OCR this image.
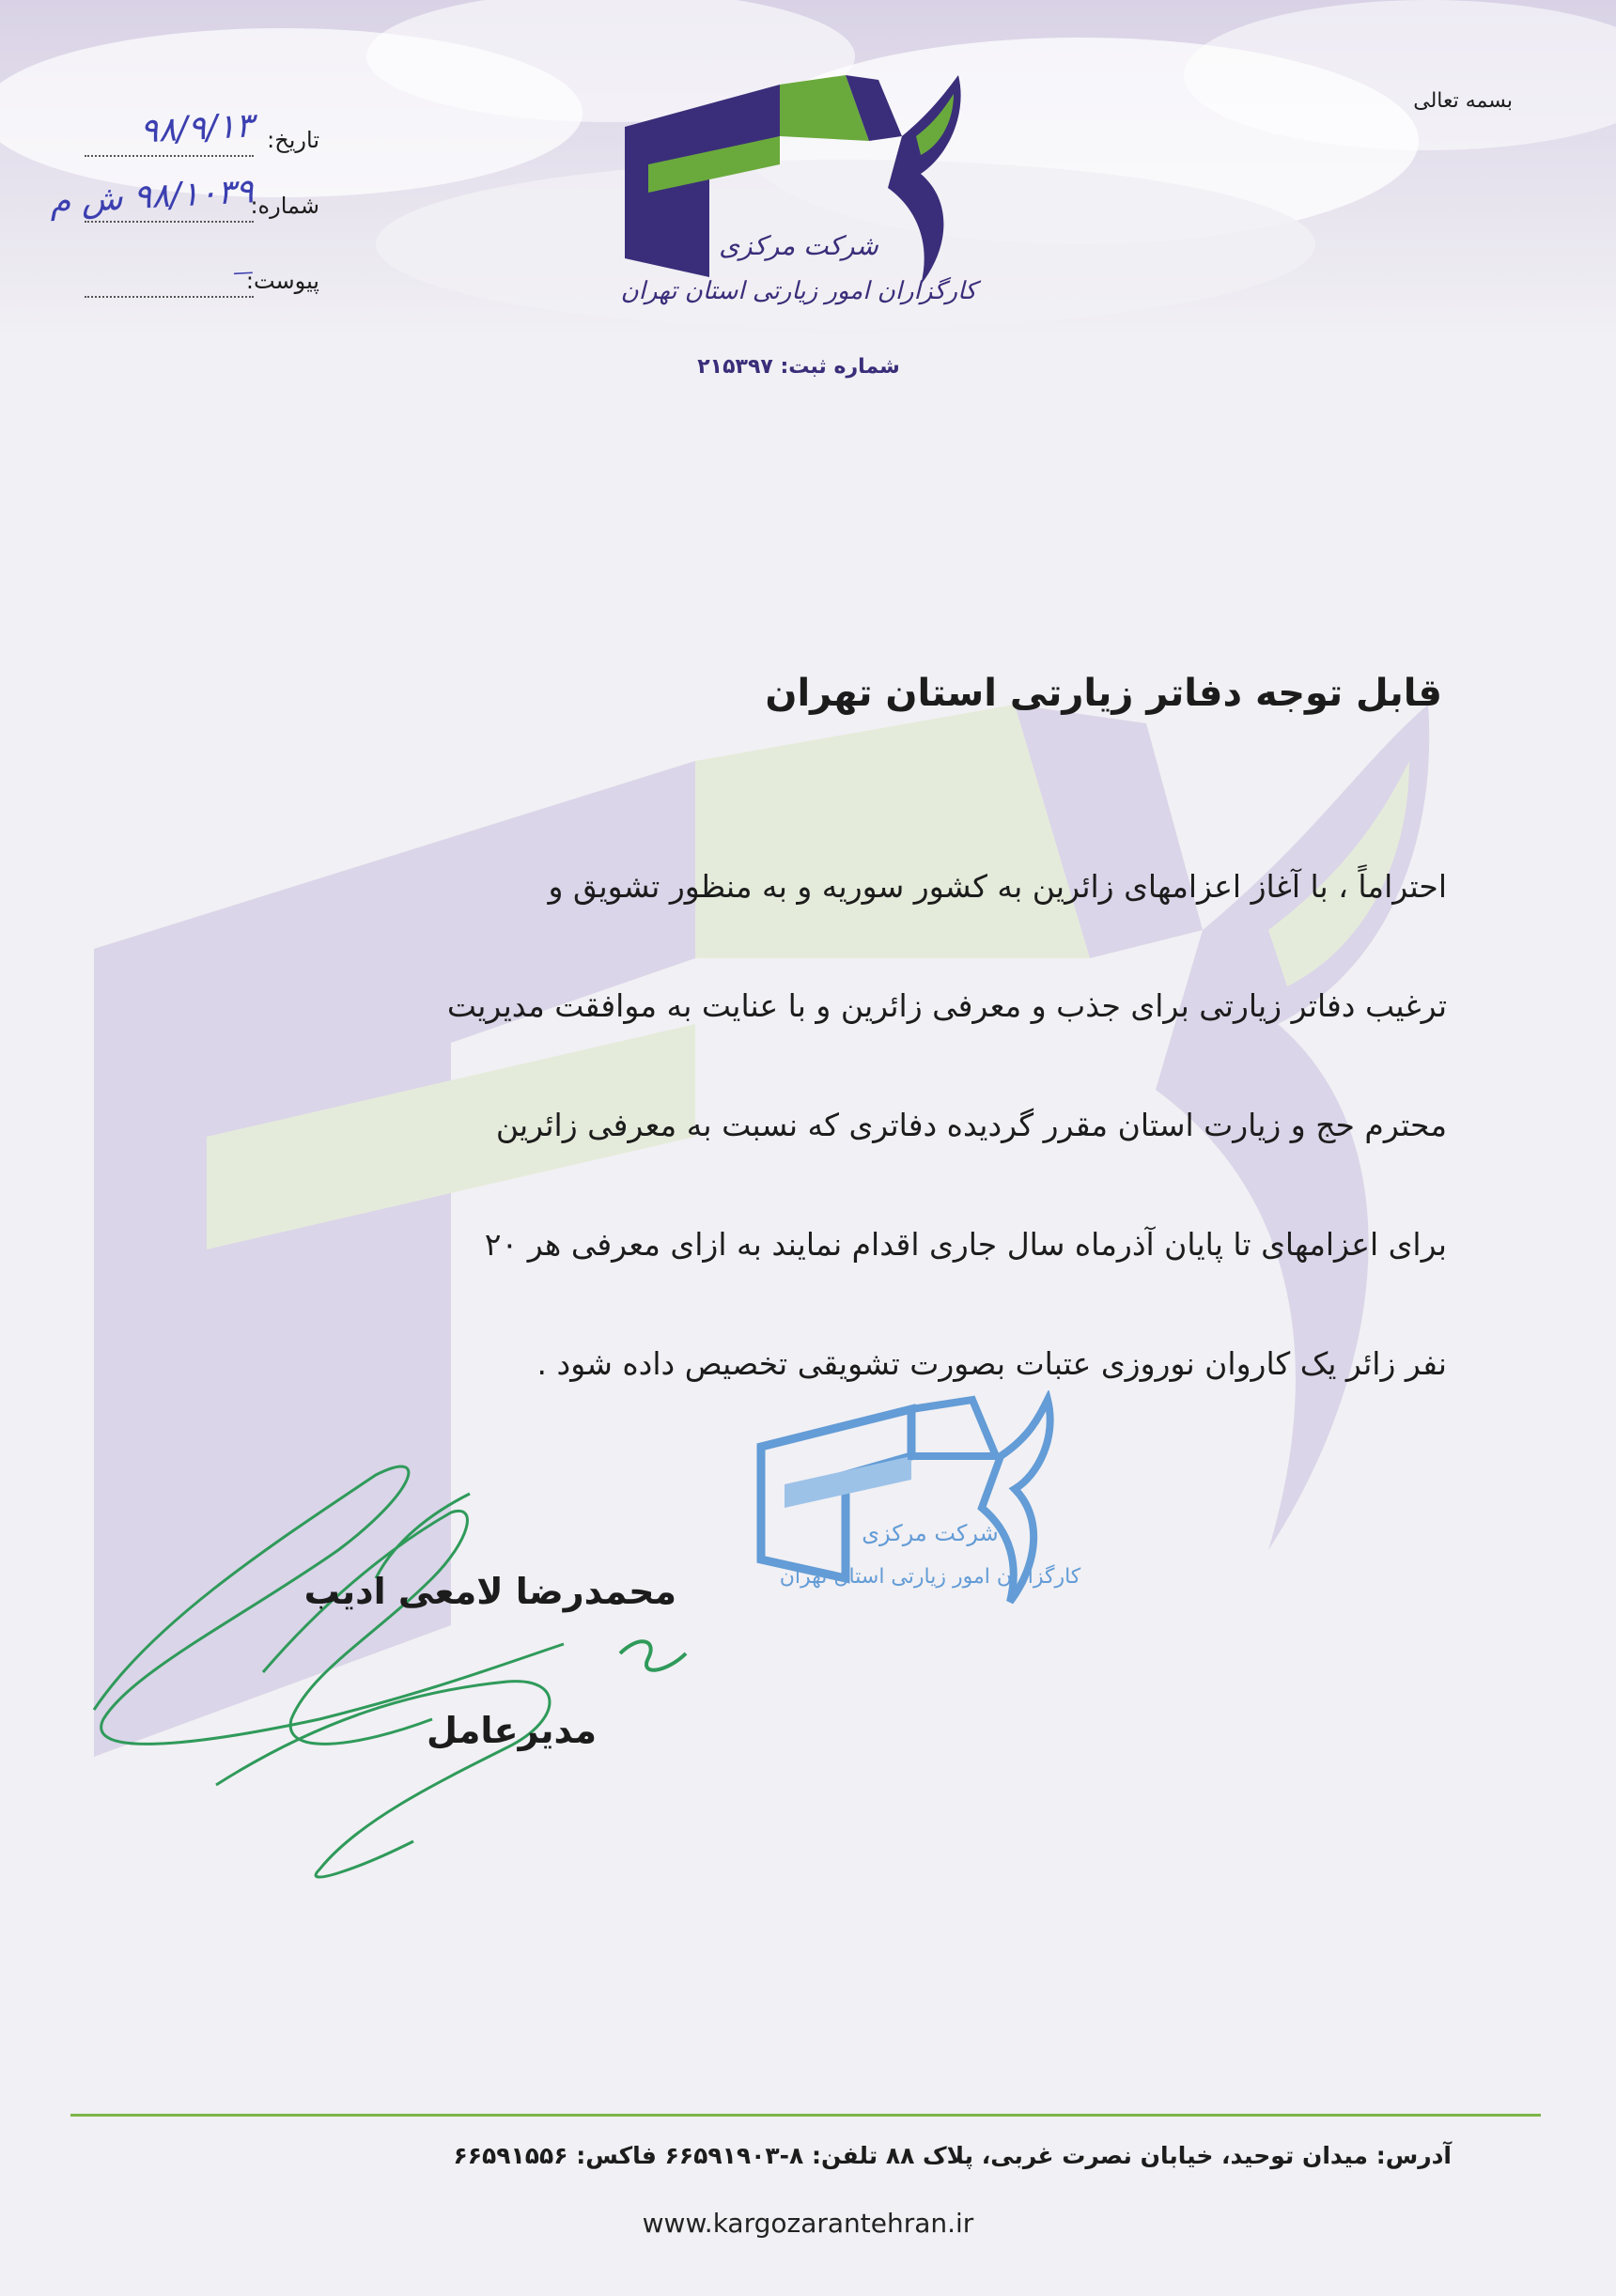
بسمه تعالی
تاریخ:
۹۸/۹/۱۳
شماره:
۹۸/۱۰۳۹ ش م
پیوست:
—
شرکت مرکزی
کارگزاران امور زیارتی استان تهران
شماره ثبت: ۲۱۵۳۹۷
قابل توجه دفاتر زیارتی استان تهران
احتراماً ، با آغاز اعزامهای زائرین به کشور سوریه و به منظور تشویق و
ترغیب دفاتر زیارتی برای جذب و معرفی زائرین و با عنایت به موافقت مدیریت
محترم حج و زیارت استان مقرر گردیده دفاتری که نسبت به معرفی زائرین
برای اعزامهای تا پایان آذرماه سال جاری اقدام نمایند به ازای معرفی هر ۲۰
نفر زائر یک کاروان نوروزی عتبات بصورت تشویقی تخصیص داده شود .
شرکت مرکزی
کارگزاران امور زیارتی استان تهران
محمدرضا لامعی ادیب
مدیرعامل
آدرس: میدان توحید، خیابان نصرت غربی، پلاک ۸۸ تلفن: ۸-۶۶۵۹۱۹۰۳ فاکس: ۶۶۵۹۱۵۵۶
www.kargozarantehran.ir
